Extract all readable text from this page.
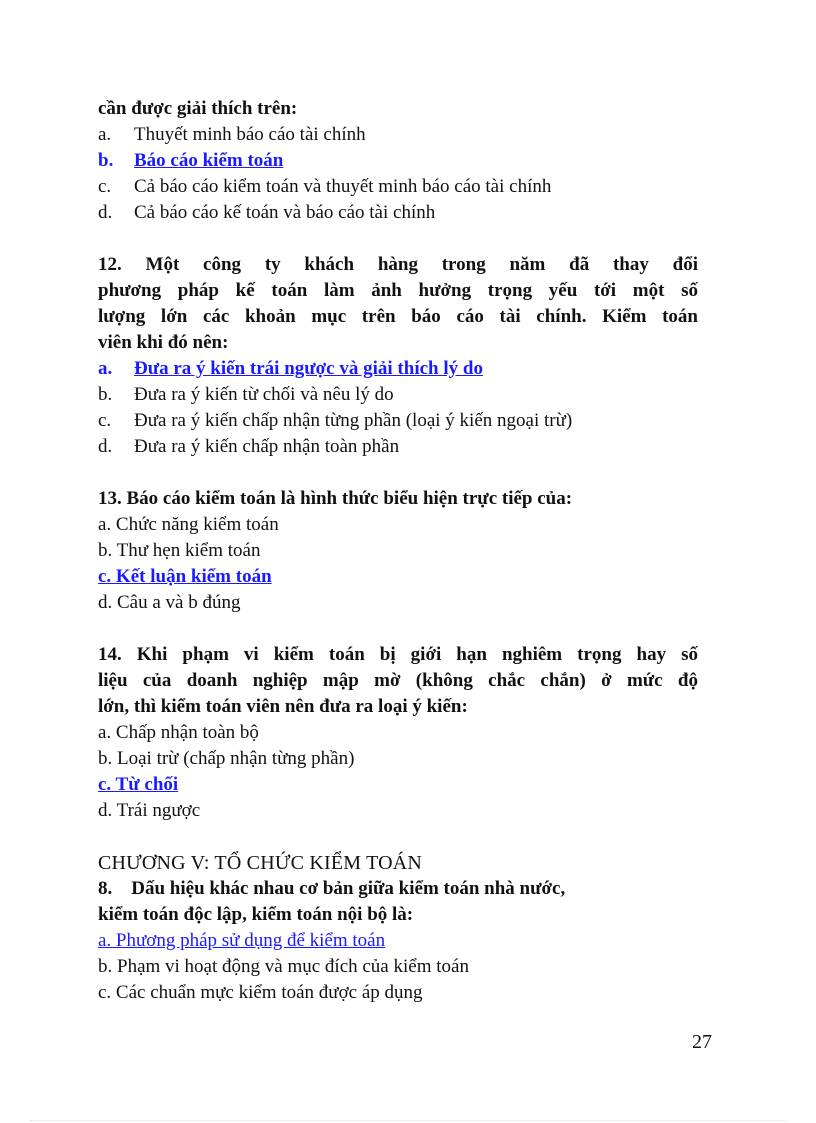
cần được giải thích trên:
a. Thuyết minh báo cáo tài chính
b. Báo cáo kiểm toán
c. Cả báo cáo kiểm toán và thuyết minh báo cáo tài chính
d. Cả báo cáo kế toán và báo cáo tài chính
12. Một công ty khách hàng trong năm đã thay đổi
phương pháp kế toán làm ảnh hưởng trọng yếu tới một số
lượng lớn các khoản mục trên báo cáo tài chính. Kiểm toán
viên khi đó nên:
a. Đưa ra ý kiến trái ngược và giải thích lý do
b. Đưa ra ý kiến từ chối và nêu lý do
c. Đưa ra ý kiến chấp nhận từng phần (loại ý kiến ngoại trừ)
d. Đưa ra ý kiến chấp nhận toàn phần
13. Báo cáo kiểm toán là hình thức biểu hiện trực tiếp của:
a. Chức năng kiểm toán
b. Thư hẹn kiểm toán
c. Kết luận kiểm toán
d. Câu a và b đúng
14. Khi phạm vi kiểm toán bị giới hạn nghiêm trọng hay số
liệu của doanh nghiệp mập mờ (không chắc chắn) ở mức độ
lớn, thì kiểm toán viên nên đưa ra loại ý kiến:
a. Chấp nhận toàn bộ
b. Loại trừ (chấp nhận từng phần)
c. Từ chối
d. Trái ngược
CHƯƠNG V: TỔ CHỨC KIỂM TOÁN
8.    Dấu hiệu khác nhau cơ bản giữa kiểm toán nhà nước,
kiểm toán độc lập, kiểm toán nội bộ là:
a. Phương pháp sử dụng để kiểm toán
b. Phạm vi hoạt động và mục đích của kiểm toán
c. Các chuẩn mực kiểm toán được áp dụng
27
